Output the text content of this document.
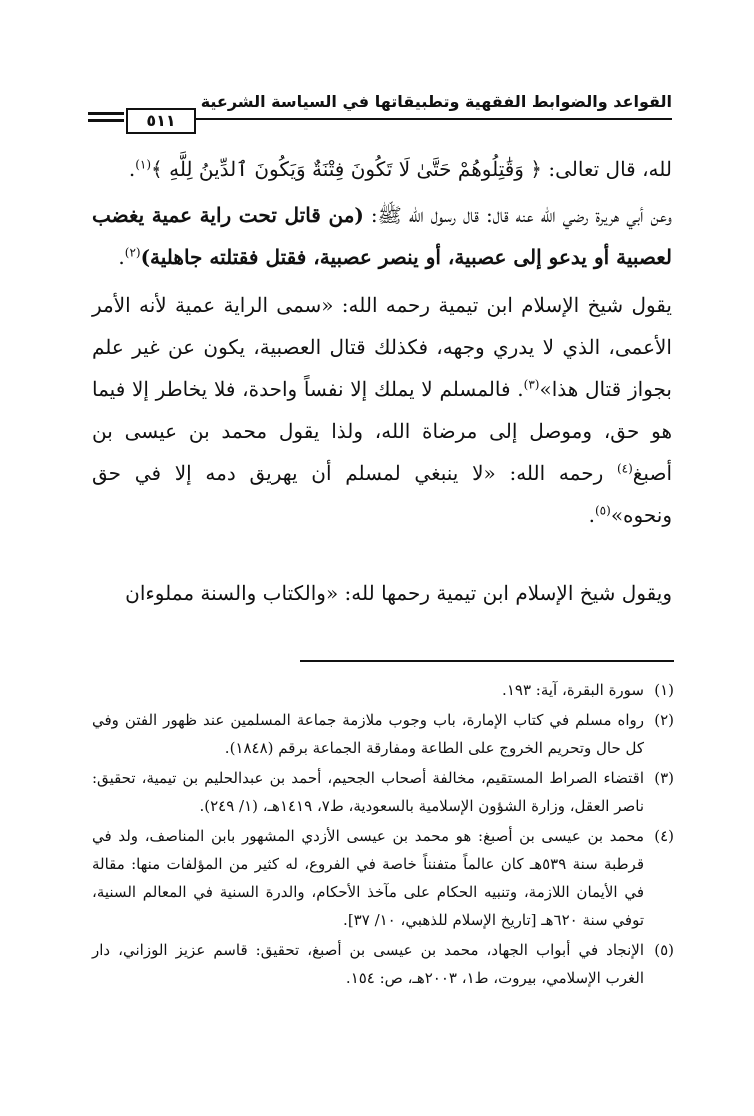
القواعد والضوابط الفقهية وتطبيقاتها في السياسة الشرعية
٥١١

لله، قال تعالى: ﴿ وَقَٰتِلُوهُمْ حَتَّىٰ لَا تَكُونَ فِتْنَةٌ وَيَكُونَ ٱلدِّينُ لِلَّهِ ﴾$^{(١)}$.

وعن أبي هريرة رضي الله عنه قال: قال رسول الله ﷺ: (من قاتل تحت راية عمية يغضب لعصبية أو يدعو إلى عصبية، أو ينصر عصبية، فقتل فقتلته جاهلية)$^{(٢)}$.

يقول شيخ الإسلام ابن تيمية رحمه الله: «سمى الراية عمية لأنه الأمر الأعمى، الذي لا يدري وجهه، فكذلك قتال العصبية، يكون عن غير علم بجواز قتال هذا»$^{(٣)}$. فالمسلم لا يملك إلا نفساً واحدة، فلا يخاطر إلا فيما هو حق، وموصل إلى مرضاة الله، ولذا يقول محمد بن عيسى بن أصبغ$^{(٤)}$ رحمه الله: «لا ينبغي لمسلم أن يهريق دمه إلا في حق ونحوه»$^{(٥)}$.

ويقول شيخ الإسلام ابن تيمية رحمها لله: «والكتاب والسنة مملوءان

(١)
سورة البقرة، آية: ١٩٣.
(٢)
رواه مسلم في كتاب الإمارة، باب وجوب ملازمة جماعة المسلمين عند ظهور الفتن وفي كل حال وتحريم الخروج على الطاعة ومفارقة الجماعة برقم (١٨٤٨).
(٣)
اقتضاء الصراط المستقيم، مخالفة أصحاب الجحيم، أحمد بن عبدالحليم بن تيمية، تحقيق: ناصر العقل، وزارة الشؤون الإسلامية بالسعودية، ط٧، ١٤١٩هـ، (١/ ٢٤٩).
(٤)
محمد بن عيسى بن أصبغ: هو محمد بن عيسى الأزدي المشهور بابن المناصف، ولد في قرطبة سنة ٥٣٩هـ كان عالماً متفنناً خاصة في الفروع، له كثير من المؤلفات منها: مقالة في الأيمان اللازمة، وتنبيه الحكام على مآخذ الأحكام، والدرة السنية في المعالم السنية، توفي سنة ٦٢٠هـ [تاريخ الإسلام للذهبي، ١٠/ ٣٧].
(٥)
الإنجاد في أبواب الجهاد، محمد بن عيسى بن أصبغ، تحقيق: قاسم عزيز الوزاني، دار الغرب الإسلامي، بيروت، ط١، ٢٠٠٣هـ، ص: ١٥٤.
